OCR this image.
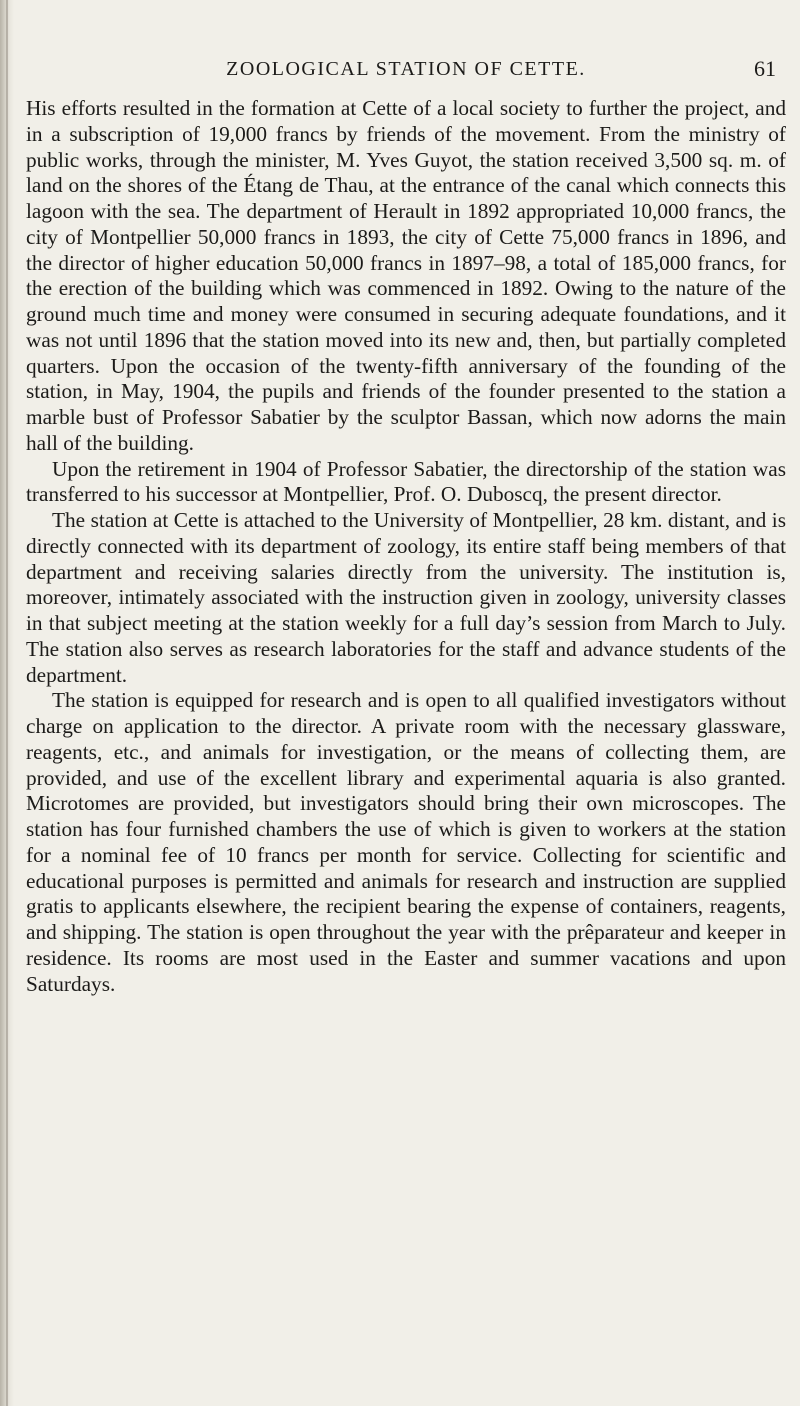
ZOOLOGICAL STATION OF CETTE.	61

His efforts resulted in the formation at Cette of a local society to further the project, and in a subscription of 19,000 francs by friends of the movement. From the ministry of public works, through the minister, M. Yves Guyot, the station received 3,500 sq. m. of land on the shores of the Étang de Thau, at the entrance of the canal which connects this lagoon with the sea. The department of Herault in 1892 appropriated 10,000 francs, the city of Montpellier 50,000 francs in 1893, the city of Cette 75,000 francs in 1896, and the director of higher education 50,000 francs in 1897–98, a total of 185,000 francs, for the erection of the building which was commenced in 1892. Owing to the nature of the ground much time and money were consumed in securing adequate foundations, and it was not until 1896 that the station moved into its new and, then, but partially completed quarters. Upon the occasion of the twenty-fifth anniversary of the founding of the station, in May, 1904, the pupils and friends of the founder presented to the station a marble bust of Professor Sabatier by the sculptor Bassan, which now adorns the main hall of the building.

Upon the retirement in 1904 of Professor Sabatier, the directorship of the station was transferred to his successor at Montpellier, Prof. O. Duboscq, the present director.

The station at Cette is attached to the University of Montpellier, 28 km. distant, and is directly connected with its department of zoology, its entire staff being members of that department and receiving salaries directly from the university. The institution is, moreover, intimately associated with the instruction given in zoology, university classes in that subject meeting at the station weekly for a full day’s session from March to July. The station also serves as research laboratories for the staff and advance students of the department.

The station is equipped for research and is open to all qualified investigators without charge on application to the director. A private room with the necessary glassware, reagents, etc., and animals for investigation, or the means of collecting them, are provided, and use of the excellent library and experimental aquaria is also granted. Microtomes are provided, but investigators should bring their own microscopes. The station has four furnished chambers the use of which is given to workers at the station for a nominal fee of 10 francs per month for service. Collecting for scientific and educational purposes is permitted and animals for research and instruction are supplied gratis to applicants elsewhere, the recipient bearing the expense of containers, reagents, and shipping. The station is open throughout the year with the prêparateur and keeper in residence. Its rooms are most used in the Easter and summer vacations and upon Saturdays.
